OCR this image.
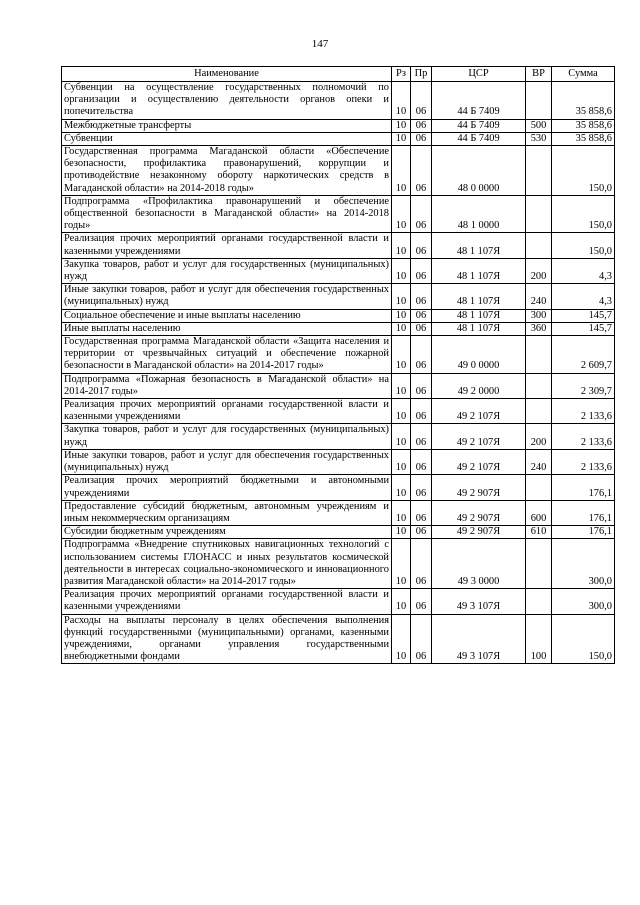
147
Наименование	Рз	Пр	ЦСР	ВР	Сумма
Субвенции на осуществление государственных полномочий по организации и осуществлению деятельности органов опеки и попечительства	10	06	44 Б 7409		35 858,6
Межбюджетные трансферты	10	06	44 Б 7409	500	35 858,6
Субвенции	10	06	44 Б 7409	530	35 858,6
Государственная программа Магаданской области «Обеспечение безопасности, профилактика правонарушений, коррупции и противодействие незаконному обороту наркотических средств в Магаданской области» на 2014-2018 годы»	10	06	48 0 0000		150,0
Подпрограмма «Профилактика правонарушений и обеспечение общественной безопасности в Магаданской области» на 2014-2018 годы»	10	06	48 1 0000		150,0
Реализация прочих мероприятий органами государственной власти и казенными учреждениями	10	06	48 1 107Я		150,0
Закупка товаров, работ и услуг для государственных (муниципальных) нужд	10	06	48 1 107Я	200	4,3
Иные закупки товаров, работ и услуг для обеспечения государственных (муниципальных) нужд	10	06	48 1 107Я	240	4,3
Социальное обеспечение и иные выплаты населению	10	06	48 1 107Я	300	145,7
Иные выплаты населению	10	06	48 1 107Я	360	145,7
Государственная программа Магаданской области «Защита населения и территории от чрезвычайных ситуаций и обеспечение пожарной безопасности в Магаданской области» на 2014-2017 годы»	10	06	49 0 0000		2 609,7
Подпрограмма «Пожарная безопасность в Магаданской области» на 2014-2017 годы»	10	06	49 2 0000		2 309,7
Реализация прочих мероприятий органами государственной власти и казенными учреждениями	10	06	49 2 107Я		2 133,6
Закупка товаров, работ и услуг для государственных (муниципальных) нужд	10	06	49 2 107Я	200	2 133,6
Иные закупки товаров, работ и услуг для обеспечения государственных (муниципальных) нужд	10	06	49 2 107Я	240	2 133,6
Реализация прочих мероприятий бюджетными и автономными учреждениями	10	06	49 2 907Я		176,1
Предоставление субсидий бюджетным, автономным учреждениям и иным некоммерческим организациям	10	06	49 2 907Я	600	176,1
Субсидии бюджетным учреждениям	10	06	49 2 907Я	610	176,1
Подпрограмма «Внедрение спутниковых навигационных технологий с использованием системы ГЛОНАСС и иных результатов космической деятельности в интересах социально-экономического и инновационного развития Магаданской области» на 2014-2017 годы»	10	06	49 3 0000		300,0
Реализация прочих мероприятий органами государственной власти и казенными учреждениями	10	06	49 3 107Я		300,0
Расходы на выплаты персоналу в целях обеспечения выполнения функций государственными (муниципальными) органами, казенными учреждениями, органами управления государственными внебюджетными фондами	10	06	49 3 107Я	100	150,0
